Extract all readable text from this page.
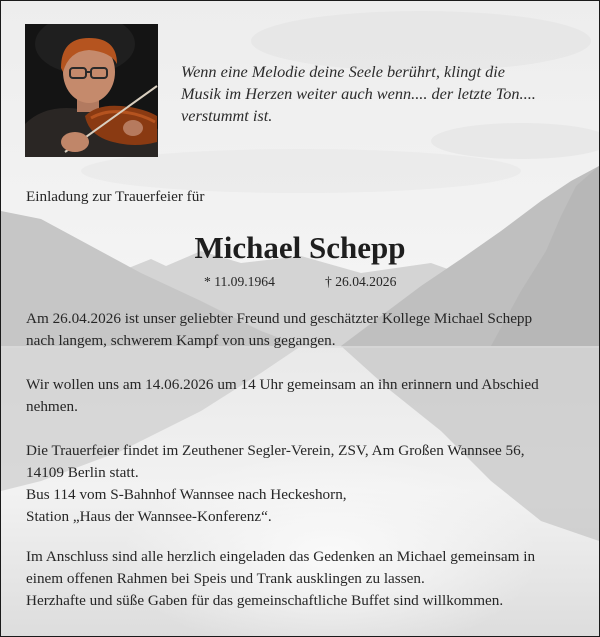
Wenn eine Melodie deine Seele berührt, klingt die
Musik im Herzen weiter auch wenn.... der letzte Ton....
verstummt ist.

Einladung zur Trauerfeier für

Michael Schepp
* 11.09.1964	† 26.04.2026

Am 26.04.2026 ist unser geliebter Freund und geschätzter Kollege Michael Schepp
nach langem, schwerem Kampf von uns gegangen.

Wir wollen uns am 14.06.2026 um 14 Uhr gemeinsam an ihn erinnern und Abschied
nehmen.

Die Trauerfeier findet im Zeuthener Segler-Verein, ZSV, Am Großen Wannsee 56,
14109 Berlin statt.
Bus 114 vom S-Bahnhof Wannsee nach Heckeshorn,
Station „Haus der Wannsee-Konferenz“.

Im Anschluss sind alle herzlich eingeladen das Gedenken an Michael gemeinsam in
einem offenen Rahmen bei Speis und Trank ausklingen zu lassen.
Herzhafte und süße Gaben für das gemeinschaftliche Buffet sind willkommen.
